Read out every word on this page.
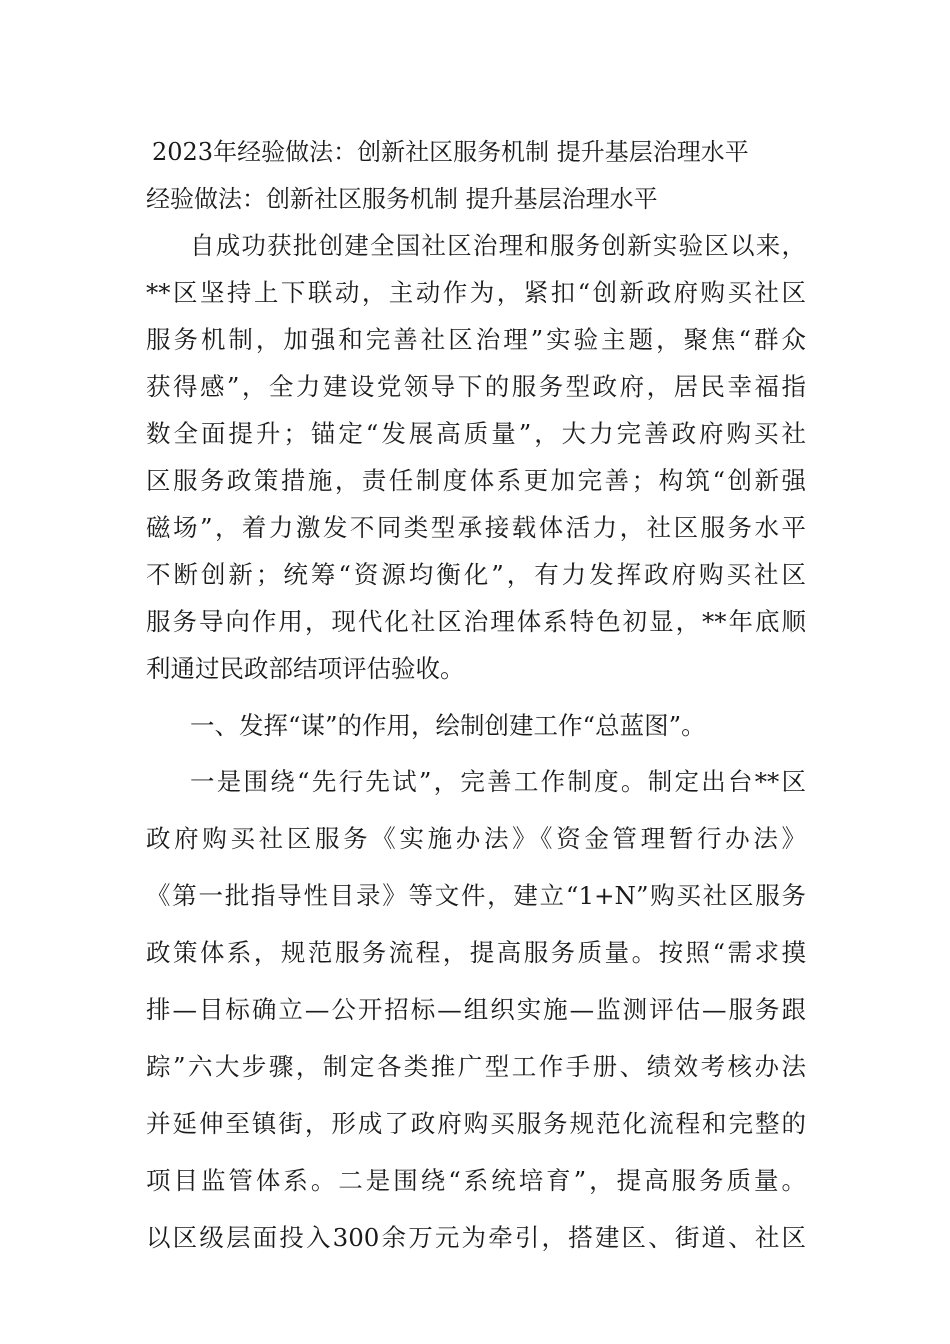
2023年经验做法：创新社区服务机制 提升基层治理水平
经验做法：创新社区服务机制 提升基层治理水平
自成功获批创建全国社区治理和服务创新实验区以来，
**区坚持上下联动，主动作为，紧扣“创新政府购买社区
服务机制，加强和完善社区治理”实验主题，聚焦“群众
获得感”，全力建设党领导下的服务型政府，居民幸福指
数全面提升；锚定“发展高质量”，大力完善政府购买社
区服务政策措施，责任制度体系更加完善；构筑“创新强
磁场”，着力激发不同类型承接载体活力，社区服务水平
不断创新；统筹“资源均衡化”，有力发挥政府购买社区
服务导向作用，现代化社区治理体系特色初显，**年底顺
利通过民政部结项评估验收。
一、发挥“谋”的作用，绘制创建工作“总蓝图”。
一是围绕“先行先试”，完善工作制度。制定出台**区
政府购买社区服务《实施办法》《资金管理暂行办法》
《第一批指导性目录》等文件，建立“1+N”购买社区服务
政策体系，规范服务流程，提高服务质量。按照“需求摸
排—目标确立—公开招标—组织实施—监测评估—服务跟
踪”六大步骤，制定各类推广型工作手册、绩效考核办法
并延伸至镇街，形成了政府购买服务规范化流程和完整的
项目监管体系。二是围绕“系统培育”，提高服务质量。
以区级层面投入300余万元为牵引，搭建区、街道、社区
